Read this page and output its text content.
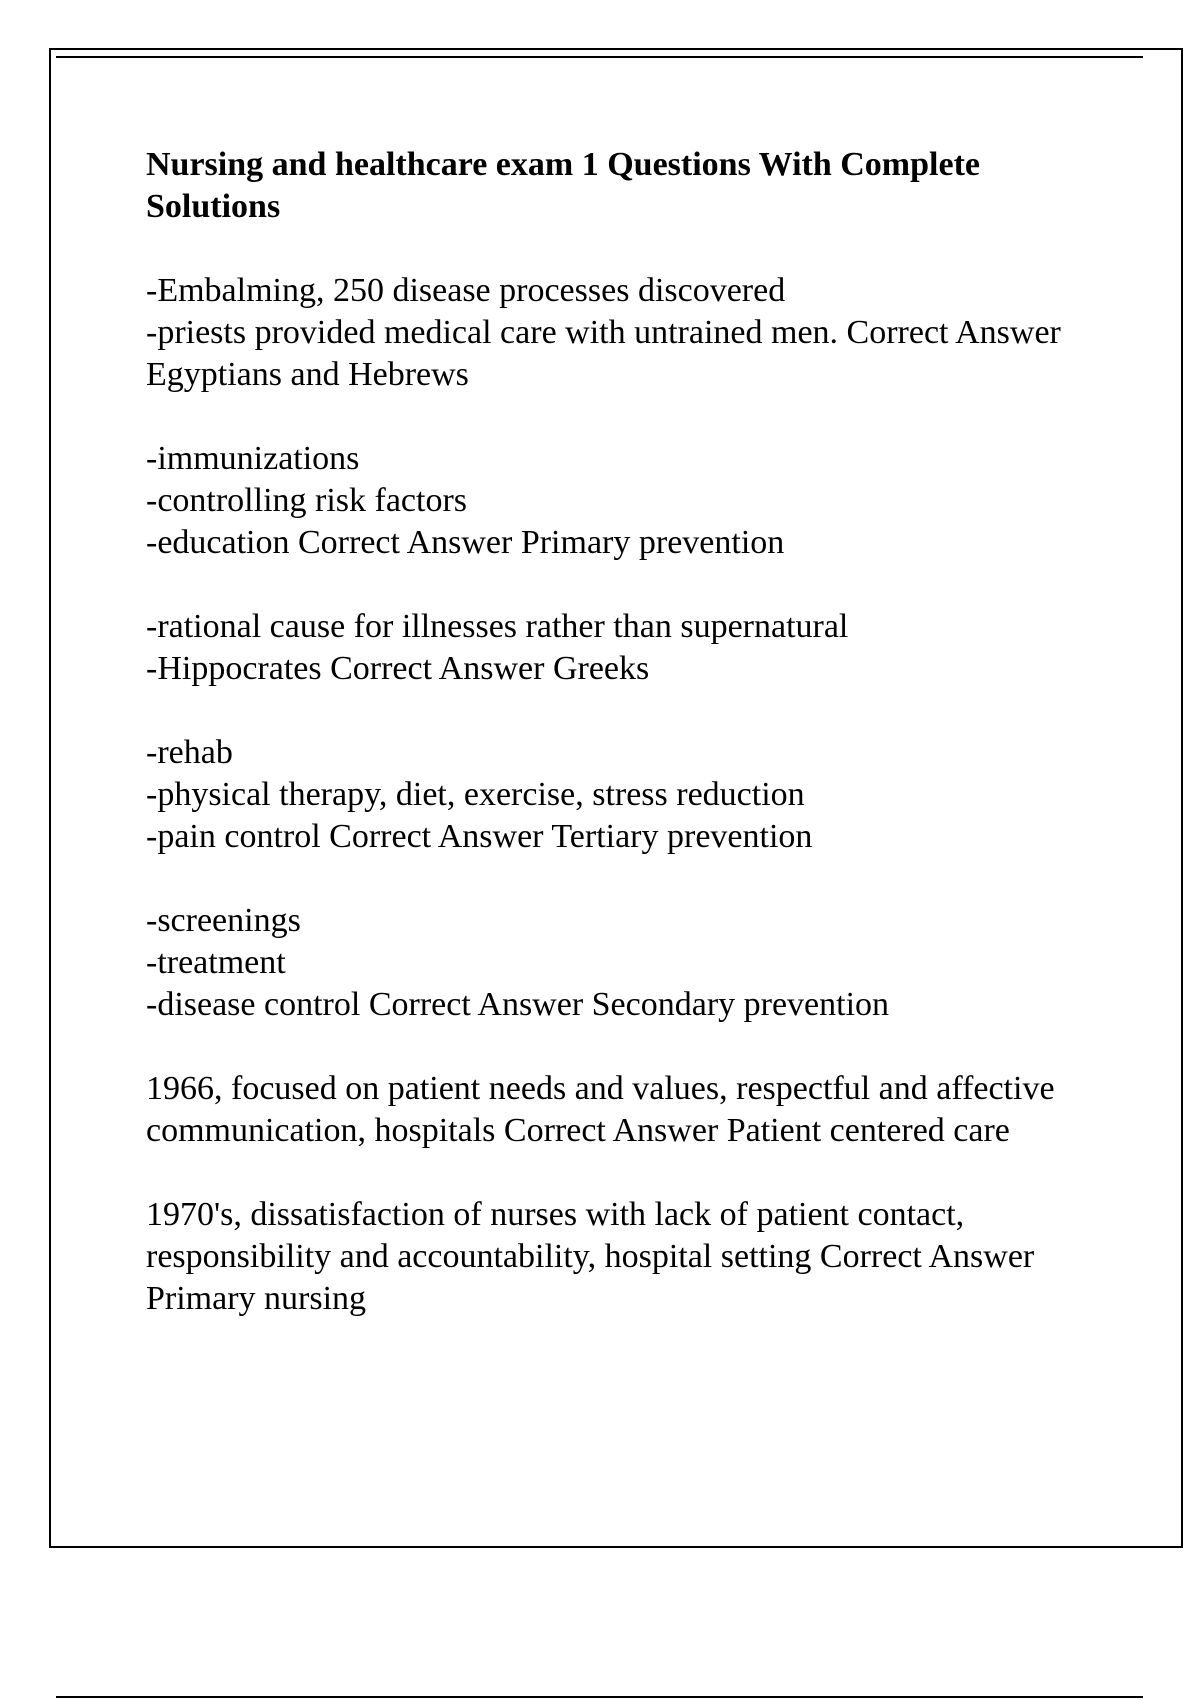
Nursing and healthcare exam 1 Questions With Complete Solutions
-Embalming, 250 disease processes discovered
-priests provided medical care with untrained men. Correct Answer Egyptians and Hebrews
-immunizations
-controlling risk factors
-education Correct Answer Primary prevention
-rational cause for illnesses rather than supernatural
-Hippocrates Correct Answer Greeks
-rehab
-physical therapy, diet, exercise, stress reduction
-pain control Correct Answer Tertiary prevention
-screenings
-treatment
-disease control Correct Answer Secondary prevention
1966, focused on patient needs and values, respectful and affective communication, hospitals Correct Answer Patient centered care
1970's, dissatisfaction of nurses with lack of patient contact, responsibility and accountability, hospital setting Correct Answer Primary nursing
